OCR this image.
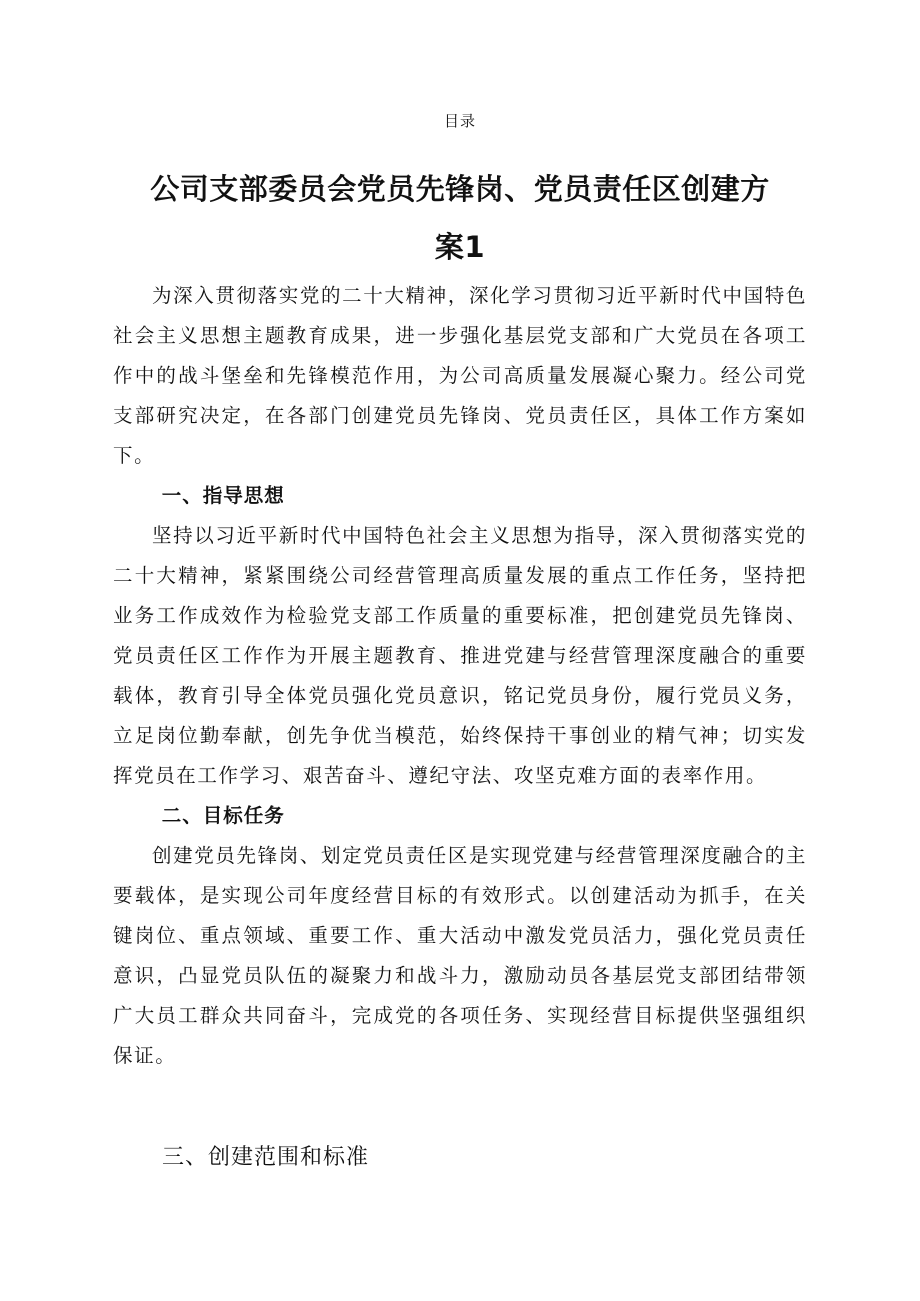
目录
公司支部委员会党员先锋岗、党员责任区创建方案1

为深入贯彻落实党的二十大精神，深化学习贯彻习近平新时代中国特色社会主义思想主题教育成果，进一步强化基层党支部和广大党员在各项工作中的战斗堡垒和先锋模范作用，为公司高质量发展凝心聚力。经公司党支部研究决定，在各部门创建党员先锋岗、党员责任区，具体工作方案如下。

一、指导思想

坚持以习近平新时代中国特色社会主义思想为指导，深入贯彻落实党的二十大精神，紧紧围绕公司经营管理高质量发展的重点工作任务，坚持把业务工作成效作为检验党支部工作质量的重要标准，把创建党员先锋岗、党员责任区工作作为开展主题教育、推进党建与经营管理深度融合的重要载体，教育引导全体党员强化党员意识，铭记党员身份，履行党员义务，立足岗位勤奉献，创先争优当模范，始终保持干事创业的精气神；切实发挥党员在工作学习、艰苦奋斗、遵纪守法、攻坚克难方面的表率作用。

二、目标任务

创建党员先锋岗、划定党员责任区是实现党建与经营管理深度融合的主要载体，是实现公司年度经营目标的有效形式。以创建活动为抓手，在关键岗位、重点领域、重要工作、重大活动中激发党员活力，强化党员责任意识，凸显党员队伍的凝聚力和战斗力，激励动员各基层党支部团结带领广大员工群众共同奋斗，完成党的各项任务、实现经营目标提供坚强组织保证。

三、创建范围和标准
